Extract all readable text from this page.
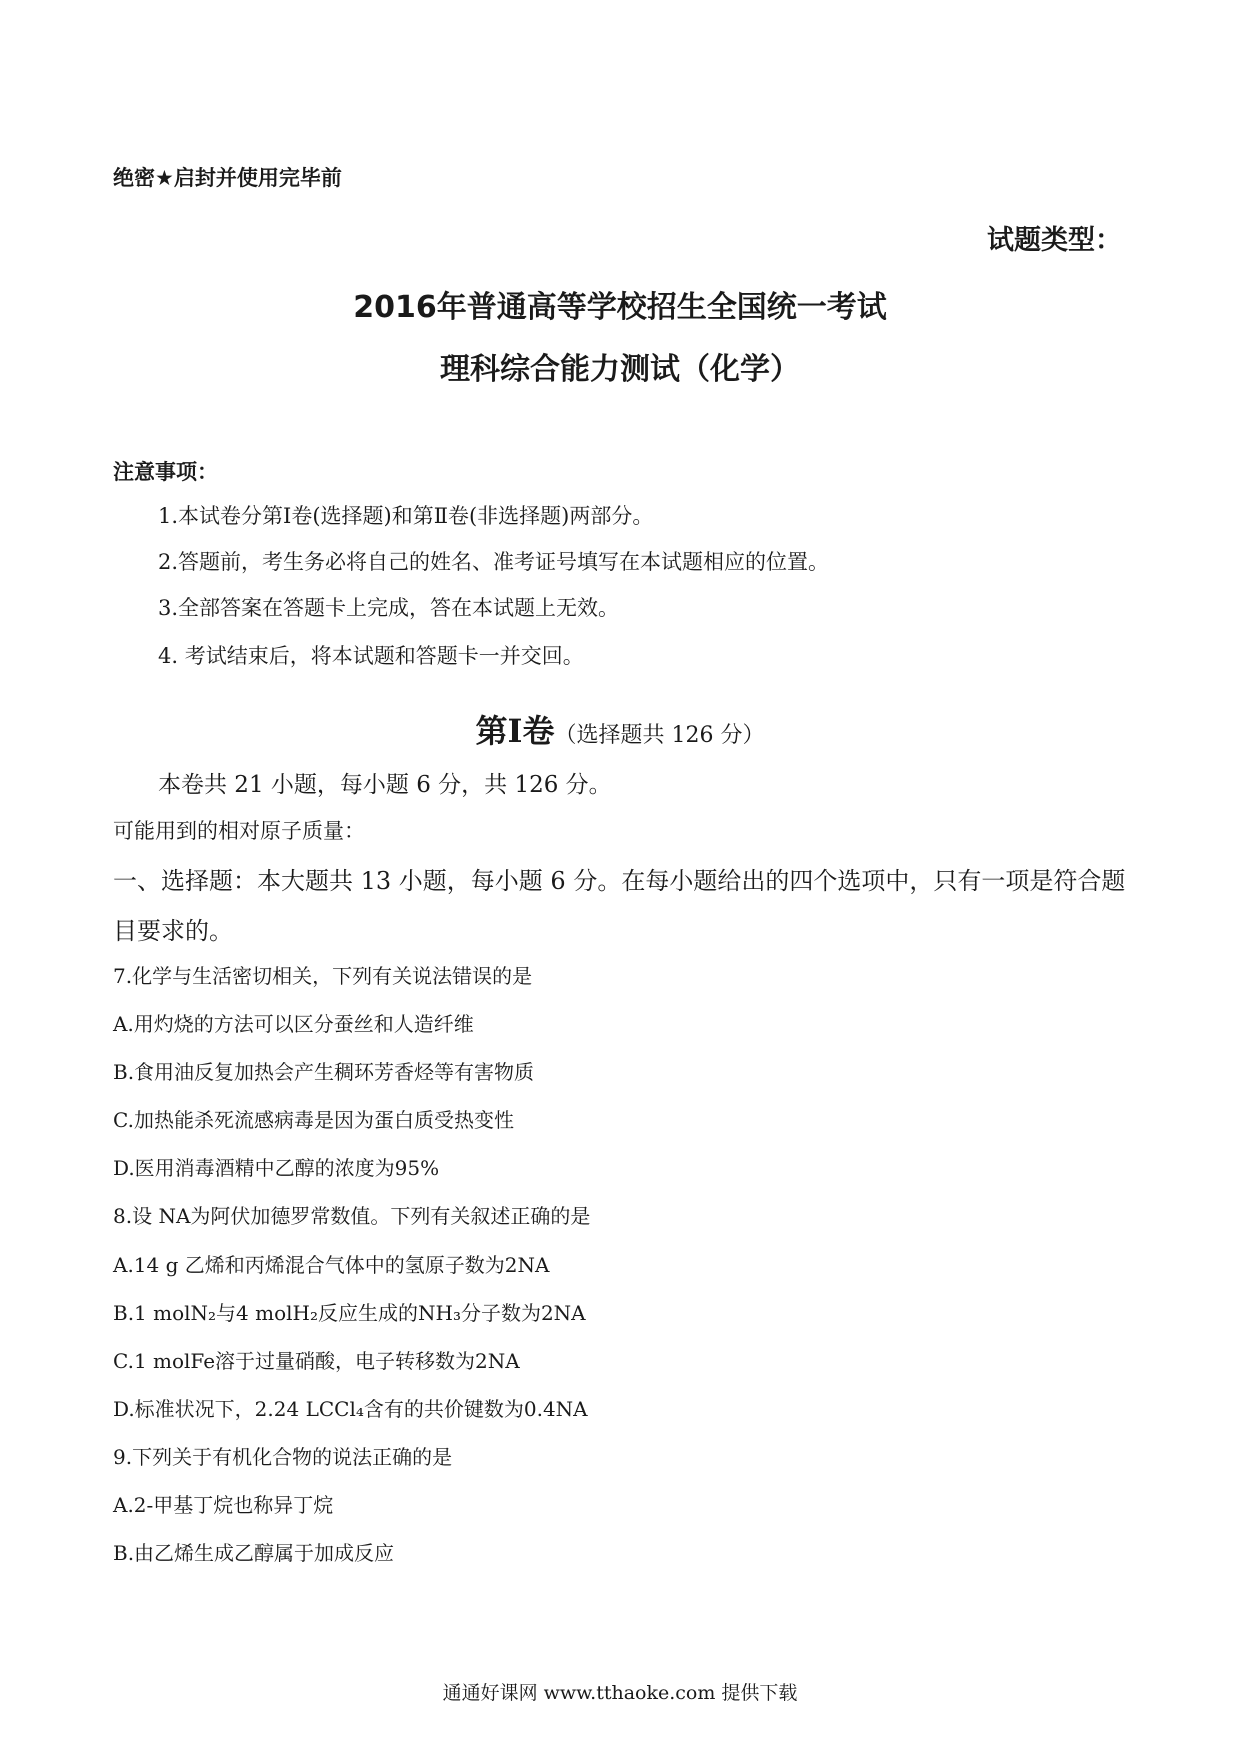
绝密★启封并使用完毕前
试题类型：
2016年普通高等学校招生全国统一考试
理科综合能力测试（化学）
注意事项：
1.本试卷分第Ⅰ卷(选择题)和第Ⅱ卷(非选择题)两部分。
2.答题前，考生务必将自己的姓名、准考证号填写在本试题相应的位置。
3.全部答案在答题卡上完成，答在本试题上无效。
4. 考试结束后，将本试题和答题卡一并交回。
第Ⅰ卷（选择题共 126 分）
本卷共 21 小题，每小题 6 分，共 126 分。
可能用到的相对原子质量：
一、选择题：本大题共 13 小题，每小题 6 分。在每小题给出的四个选项中，只有一项是符合题目要求的。
7.化学与生活密切相关，下列有关说法错误的是
A.用灼烧的方法可以区分蚕丝和人造纤维
B.食用油反复加热会产生稠环芳香烃等有害物质
C.加热能杀死流感病毒是因为蛋白质受热变性
D.医用消毒酒精中乙醇的浓度为95%
8.设 NA为阿伏加德罗常数值。下列有关叙述正确的是
A.14 g 乙烯和丙烯混合气体中的氢原子数为2NA
B.1 molN₂与4 molH₂反应生成的NH₃分子数为2NA
C.1 molFe溶于过量硝酸，电子转移数为2NA
D.标准状况下，2.24 LCCl₄含有的共价键数为0.4NA
9.下列关于有机化合物的说法正确的是
A.2-甲基丁烷也称异丁烷
B.由乙烯生成乙醇属于加成反应
通通好课网 www.tthaoke.com 提供下载
